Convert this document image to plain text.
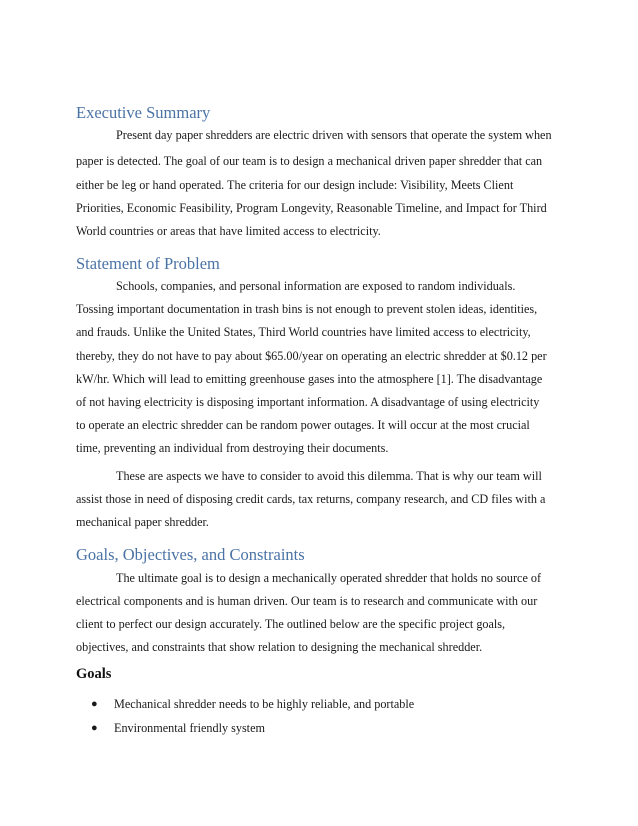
Executive Summary

Present day paper shredders are electric driven with sensors that operate the system when

paper is detected. The goal of our team is to design a mechanical driven paper shredder that can

either be leg or hand operated. The criteria for our design include: Visibility, Meets Client

Priorities, Economic Feasibility, Program Longevity, Reasonable Timeline, and Impact for Third

World countries or areas that have limited access to electricity.

Statement of Problem

Schools, companies, and personal information are exposed to random individuals.

Tossing important documentation in trash bins is not enough to prevent stolen ideas, identities,

and frauds. Unlike the United States, Third World countries have limited access to electricity,

thereby, they do not have to pay about $65.00/year on operating an electric shredder at $0.12 per

kW/hr. Which will lead to emitting greenhouse gases into the atmosphere [1]. The disadvantage

of not having electricity is disposing important information. A disadvantage of using electricity

to operate an electric shredder can be random power outages. It will occur at the most crucial

time, preventing an individual from destroying their documents.

These are aspects we have to consider to avoid this dilemma. That is why our team will

assist those in need of disposing credit cards, tax returns, company research, and CD files with a

mechanical paper shredder.

Goals, Objectives, and Constraints

The ultimate goal is to design a mechanically operated shredder that holds no source of

electrical components and is human driven. Our team is to research and communicate with our

client to perfect our design accurately. The outlined below are the specific project goals,

objectives, and constraints that show relation to designing the mechanical shredder.

Goals
● Mechanical shredder needs to be highly reliable, and portable
● Environmental friendly system
